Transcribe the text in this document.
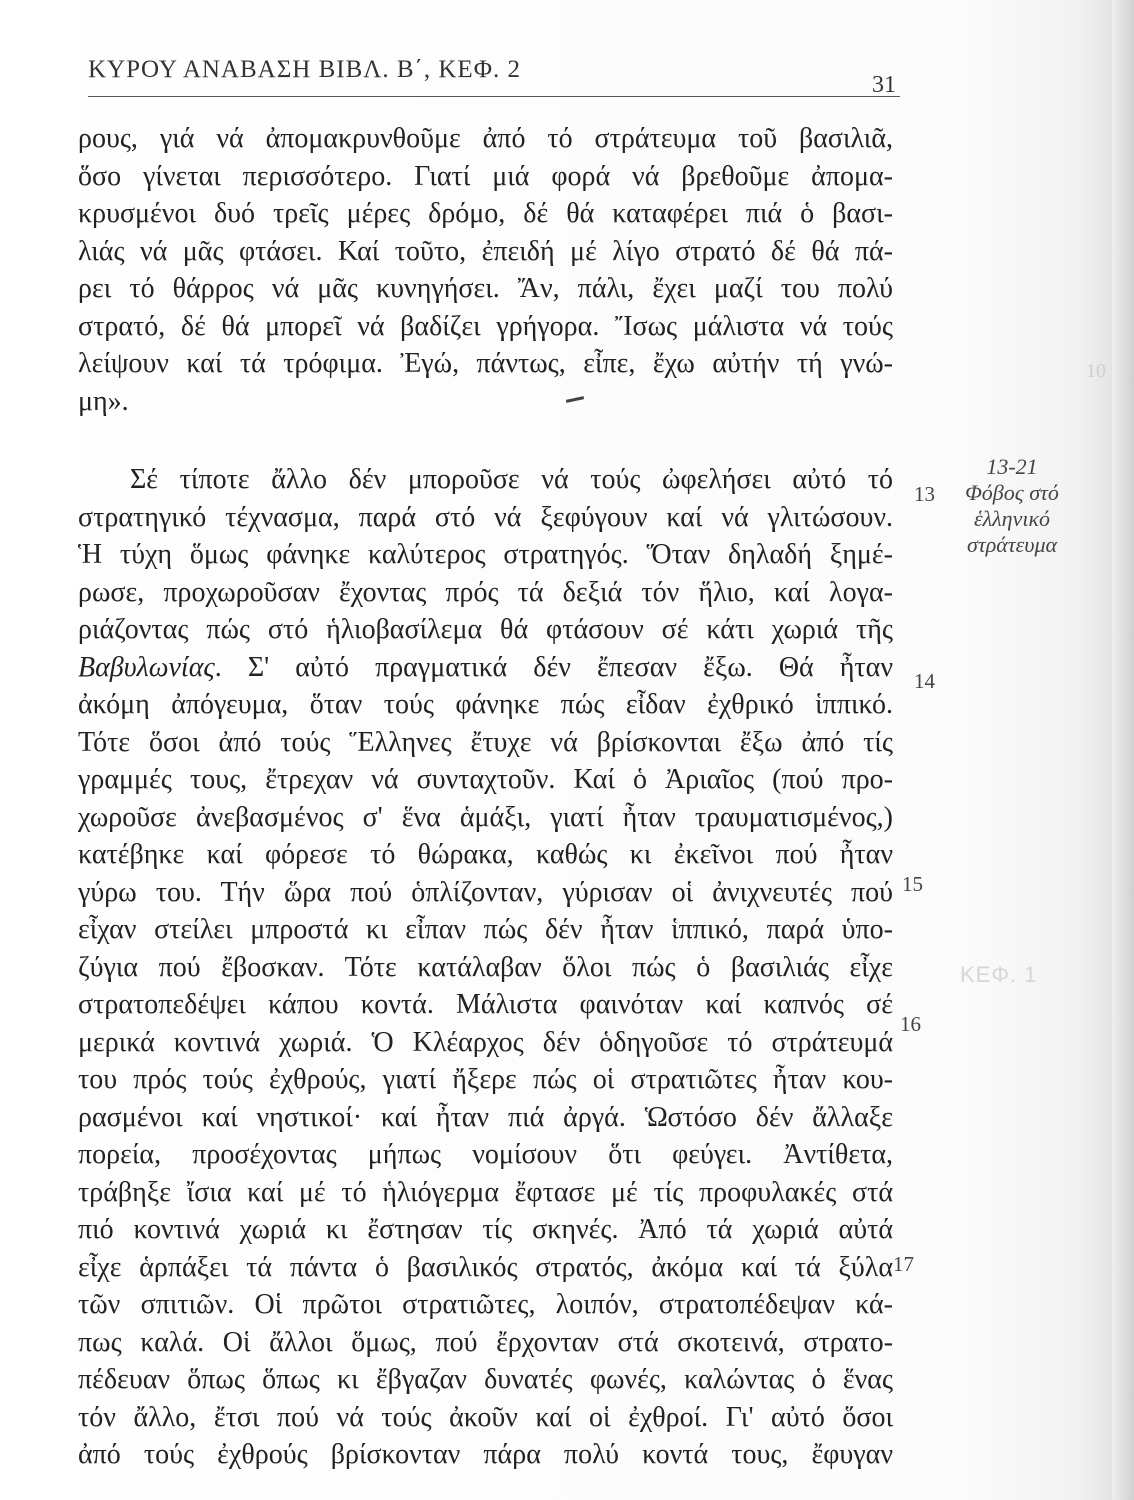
ΚΥΡΟΥ ΑΝΑΒΑΣΗ ΒΙΒΛ. Β΄, ΚΕΦ. 2
31
ρους, γιά νά ἀπομακρυνθοῦμε ἀπό τό στράτευμα τοῦ βασιλιᾶ,
ὅσο γίνεται περισσότερο. Γιατί μιά φορά νά βρεθοῦμε ἀπομα-
κρυσμένοι δυό τρεῖς μέρες δρόμο, δέ θά καταφέρει πιά ὁ βασι-
λιάς νά μᾶς φτάσει. Καί τοῦτο, ἐπειδή μέ λίγο στρατό δέ θά πά-
ρει τό θάρρος νά μᾶς κυνηγήσει. Ἄν, πάλι, ἔχει μαζί του πολύ
στρατό, δέ θά μπορεῖ νά βαδίζει γρήγορα. Ἴσως μάλιστα νά τούς
λείψουν καί τά τρόφιμα. Ἐγώ, πάντως, εἶπε, ἔχω αὐτήν τή γνώ-
μη».
Σέ τίποτε ἄλλο δέν μποροῦσε νά τούς ὠφελήσει αὐτό τό
στρατηγικό τέχνασμα, παρά στό νά ξεφύγουν καί νά γλιτώσουν.
Ἡ τύχη ὅμως φάνηκε καλύτερος στρατηγός. Ὅταν δηλαδή ξημέ-
ρωσε, προχωροῦσαν ἔχοντας πρός τά δεξιά τόν ἥλιο, καί λογα-
ριάζοντας πώς στό ἡλιοβασίλεμα θά φτάσουν σέ κάτι χωριά τῆς
Βαβυλωνίας. Σ' αὐτό πραγματικά δέν ἔπεσαν ἔξω. Θά ἦταν
ἀκόμη ἀπόγευμα, ὅταν τούς φάνηκε πώς εἶδαν ἐχθρικό ἱππικό.
Τότε ὅσοι ἀπό τούς Ἕλληνες ἔτυχε νά βρίσκονται ἔξω ἀπό τίς
γραμμές τους, ἔτρεχαν νά συνταχτοῦν. Καί ὁ Ἀριαῖος (πού προ-
χωροῦσε ἀνεβασμένος σ' ἕνα ἁμάξι, γιατί ἦταν τραυματισμένος,)
κατέβηκε καί φόρεσε τό θώρακα, καθώς κι ἐκεῖνοι πού ἦταν
γύρω του. Τήν ὥρα πού ὁπλίζονταν, γύρισαν οἱ ἀνιχνευτές πού
εἶχαν στείλει μπροστά κι εἶπαν πώς δέν ἦταν ἱππικό, παρά ὑπο-
ζύγια πού ἔβοσκαν. Τότε κατάλαβαν ὅλοι πώς ὁ βασιλιάς εἶχε
στρατοπεδέψει κάπου κοντά. Μάλιστα φαινόταν καί καπνός σέ
μερικά κοντινά χωριά. Ὁ Κλέαρχος δέν ὁδηγοῦσε τό στράτευμά
του πρός τούς ἐχθρούς, γιατί ἤξερε πώς οἱ στρατιῶτες ἦταν κου-
ρασμένοι καί νηστικοί· καί ἦταν πιά ἀργά. Ὡστόσο δέν ἄλλαξε
πορεία, προσέχοντας μήπως νομίσουν ὅτι φεύγει. Ἀντίθετα,
τράβηξε ἴσια καί μέ τό ἡλιόγερμα ἔφτασε μέ τίς προφυλακές στά
πιό κοντινά χωριά κι ἔστησαν τίς σκηνές. Ἀπό τά χωριά αὐτά
εἶχε ἁρπάξει τά πάντα ὁ βασιλικός στρατός, ἀκόμα καί τά ξύλα
τῶν σπιτιῶν. Οἱ πρῶτοι στρατιῶτες, λοιπόν, στρατοπέδεψαν κά-
πως καλά. Οἱ ἄλλοι ὅμως, πού ἔρχονταν στά σκοτεινά, στρατο-
πέδευαν ὅπως ὅπως κι ἔβγαζαν δυνατές φωνές, καλώντας ὁ ἕνας
τόν ἄλλο, ἔτσι πού νά τούς ἀκοῦν καί οἱ ἐχθροί. Γι' αὐτό ὅσοι
ἀπό τούς ἐχθρούς βρίσκονταν πάρα πολύ κοντά τους, ἔφυγαν
13
14
15
16
17
13-21
Φόβος στό
ἑλληνικό
στράτευμα
ΚΕΦ. 1
10
